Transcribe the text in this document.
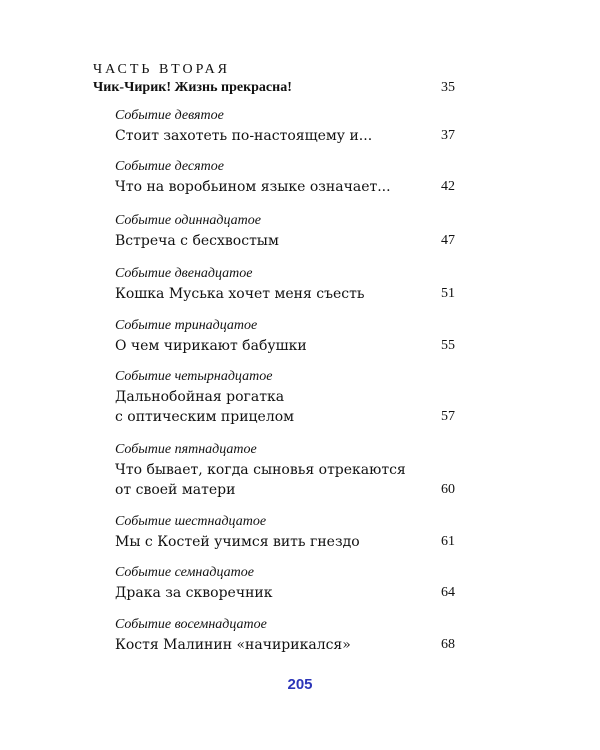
ЧАСТЬ ВТОРАЯ
Чик-Чирик! Жизнь прекрасна!	35
Событие девятое
Стоит захотеть по-настоящему и...	37
Событие десятое
Что на воробьином языке означает...	42
Событие одиннадцатое
Встреча с бесхвостым	47
Событие двенадцатое
Кошка Муська хочет меня съесть	51
Событие тринадцатое
О чем чирикают бабушки	55
Событие четырнадцатое
Дальнобойная рогатка
с оптическим прицелом	57
Событие пятнадцатое
Что бывает, когда сыновья отрекаются
от своей матери	60
Событие шестнадцатое
Мы с Костей учимся вить гнездо	61
Событие семнадцатое
Драка за скворечник	64
Событие восемнадцатое
Костя Малинин «начирикался»	68
205
